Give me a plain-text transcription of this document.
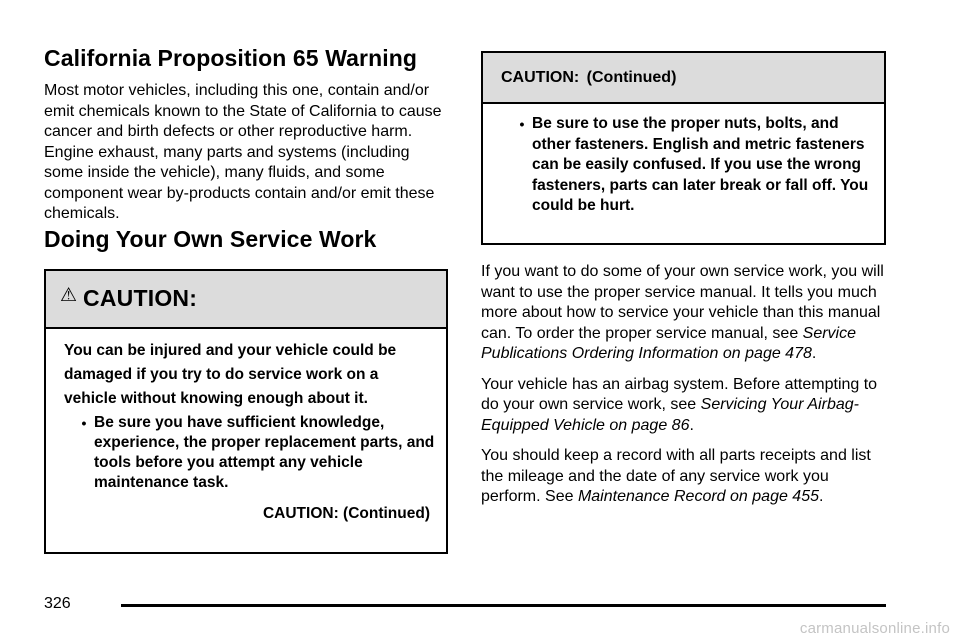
California Proposition 65 Warning

Most motor vehicles, including this one, contain and/or emit chemicals known to the State of California to cause cancer and birth defects or other reproductive harm. Engine exhaust, many parts and systems (including some inside the vehicle), many fluids, and some component wear by-products contain and/or emit these chemicals.

Doing Your Own Service Work
⚠ CAUTION:
You can be injured and your vehicle could be damaged if you try to do service work on a vehicle without knowing enough about it.
• Be sure you have sufficient knowledge, experience, the proper replacement parts, and tools before you attempt any vehicle maintenance task.
CAUTION: (Continued)
CAUTION: (Continued)
• Be sure to use the proper nuts, bolts, and other fasteners. English and metric fasteners can be easily confused. If you use the wrong fasteners, parts can later break or fall off. You could be hurt.

If you want to do some of your own service work, you will want to use the proper service manual. It tells you much more about how to service your vehicle than this manual can. To order the proper service manual, see Service Publications Ordering Information on page 478.

Your vehicle has an airbag system. Before attempting to do your own service work, see Servicing Your Airbag-Equipped Vehicle on page 86.

You should keep a record with all parts receipts and list the mileage and the date of any service work you perform. See Maintenance Record on page 455.

326
carmanualsonline.info
